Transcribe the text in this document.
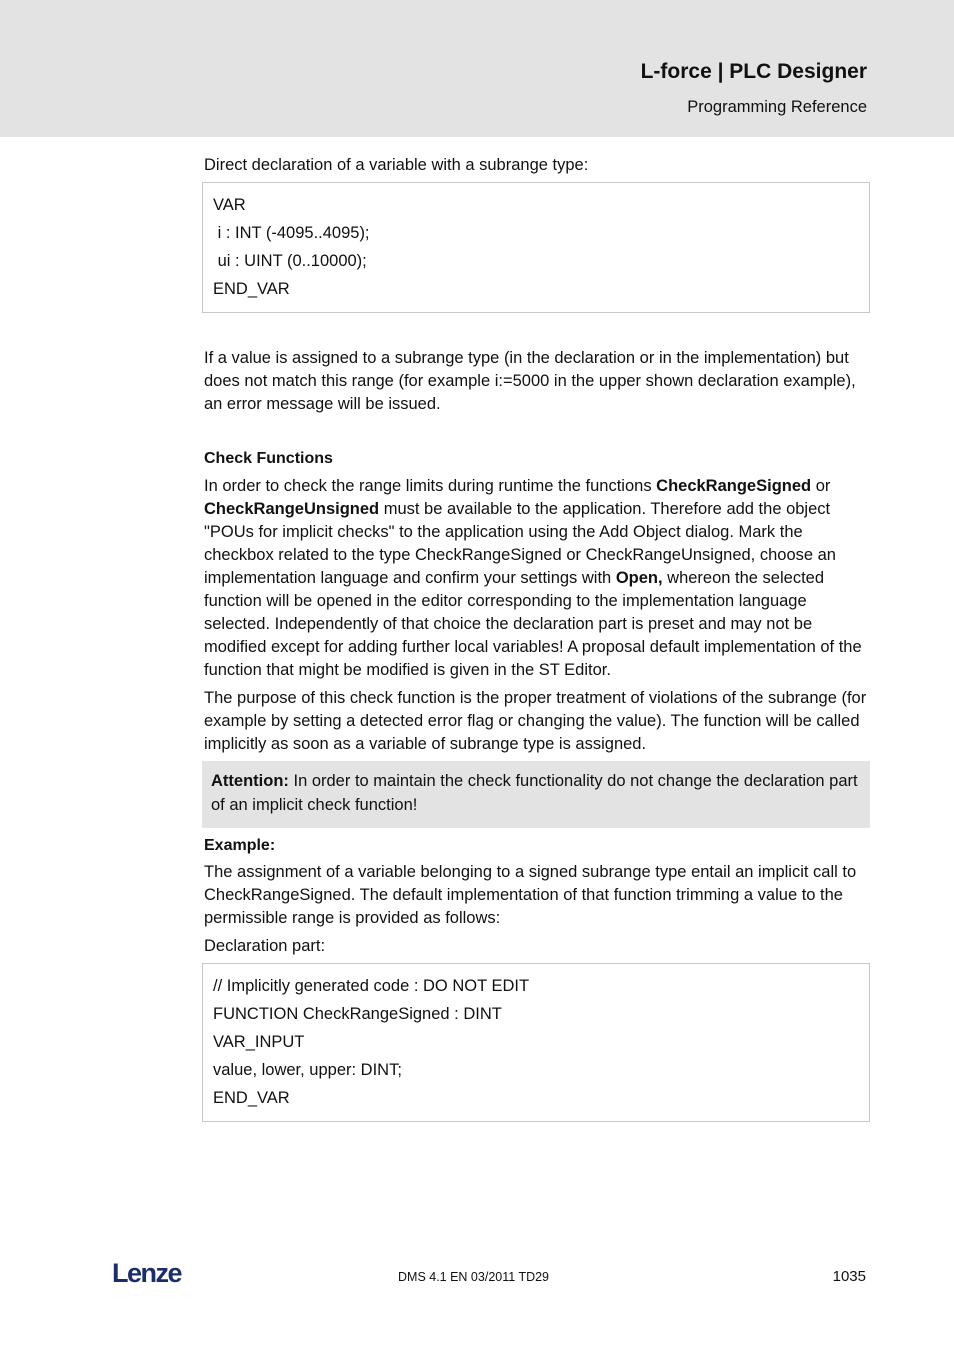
L-force | PLC Designer
Programming Reference

Direct declaration of a variable with a subrange type:

VAR
i : INT (-4095..4095);
ui : UINT (0..10000);
END_VAR

If a value is assigned to a subrange type (in the declaration or in the implementation) but does not match this range (for example i:=5000 in the upper shown declaration example), an error message will be issued.

Check Functions

In order to check the range limits during runtime the functions CheckRangeSigned or CheckRangeUnsigned must be available to the application. Therefore add the object "POUs for implicit checks" to the application using the Add Object dialog. Mark the checkbox related to the type CheckRangeSigned or CheckRangeUnsigned, choose an implementation language and confirm your settings with Open, whereon the selected function will be opened in the editor corresponding to the implementation language selected. Independently of that choice the declaration part is preset and may not be modified except for adding further local variables! A proposal default implementation of the function that might be modified is given in the ST Editor.

The purpose of this check function is the proper treatment of violations of the subrange (for example by setting a detected error flag or changing the value). The function will be called implicitly as soon as a variable of subrange type is assigned.

Attention: In order to maintain the check functionality do not change the declaration part of an implicit check function!

Example:

The assignment of a variable belonging to a signed subrange type entail an implicit call to CheckRangeSigned. The default implementation of that function trimming a value to the permissible range is provided as follows:

Declaration part:

// Implicitly generated code : DO NOT EDIT
FUNCTION CheckRangeSigned : DINT
VAR_INPUT
value, lower, upper: DINT;
END_VAR
Lenze	DMS 4.1 EN 03/2011 TD29	1035
